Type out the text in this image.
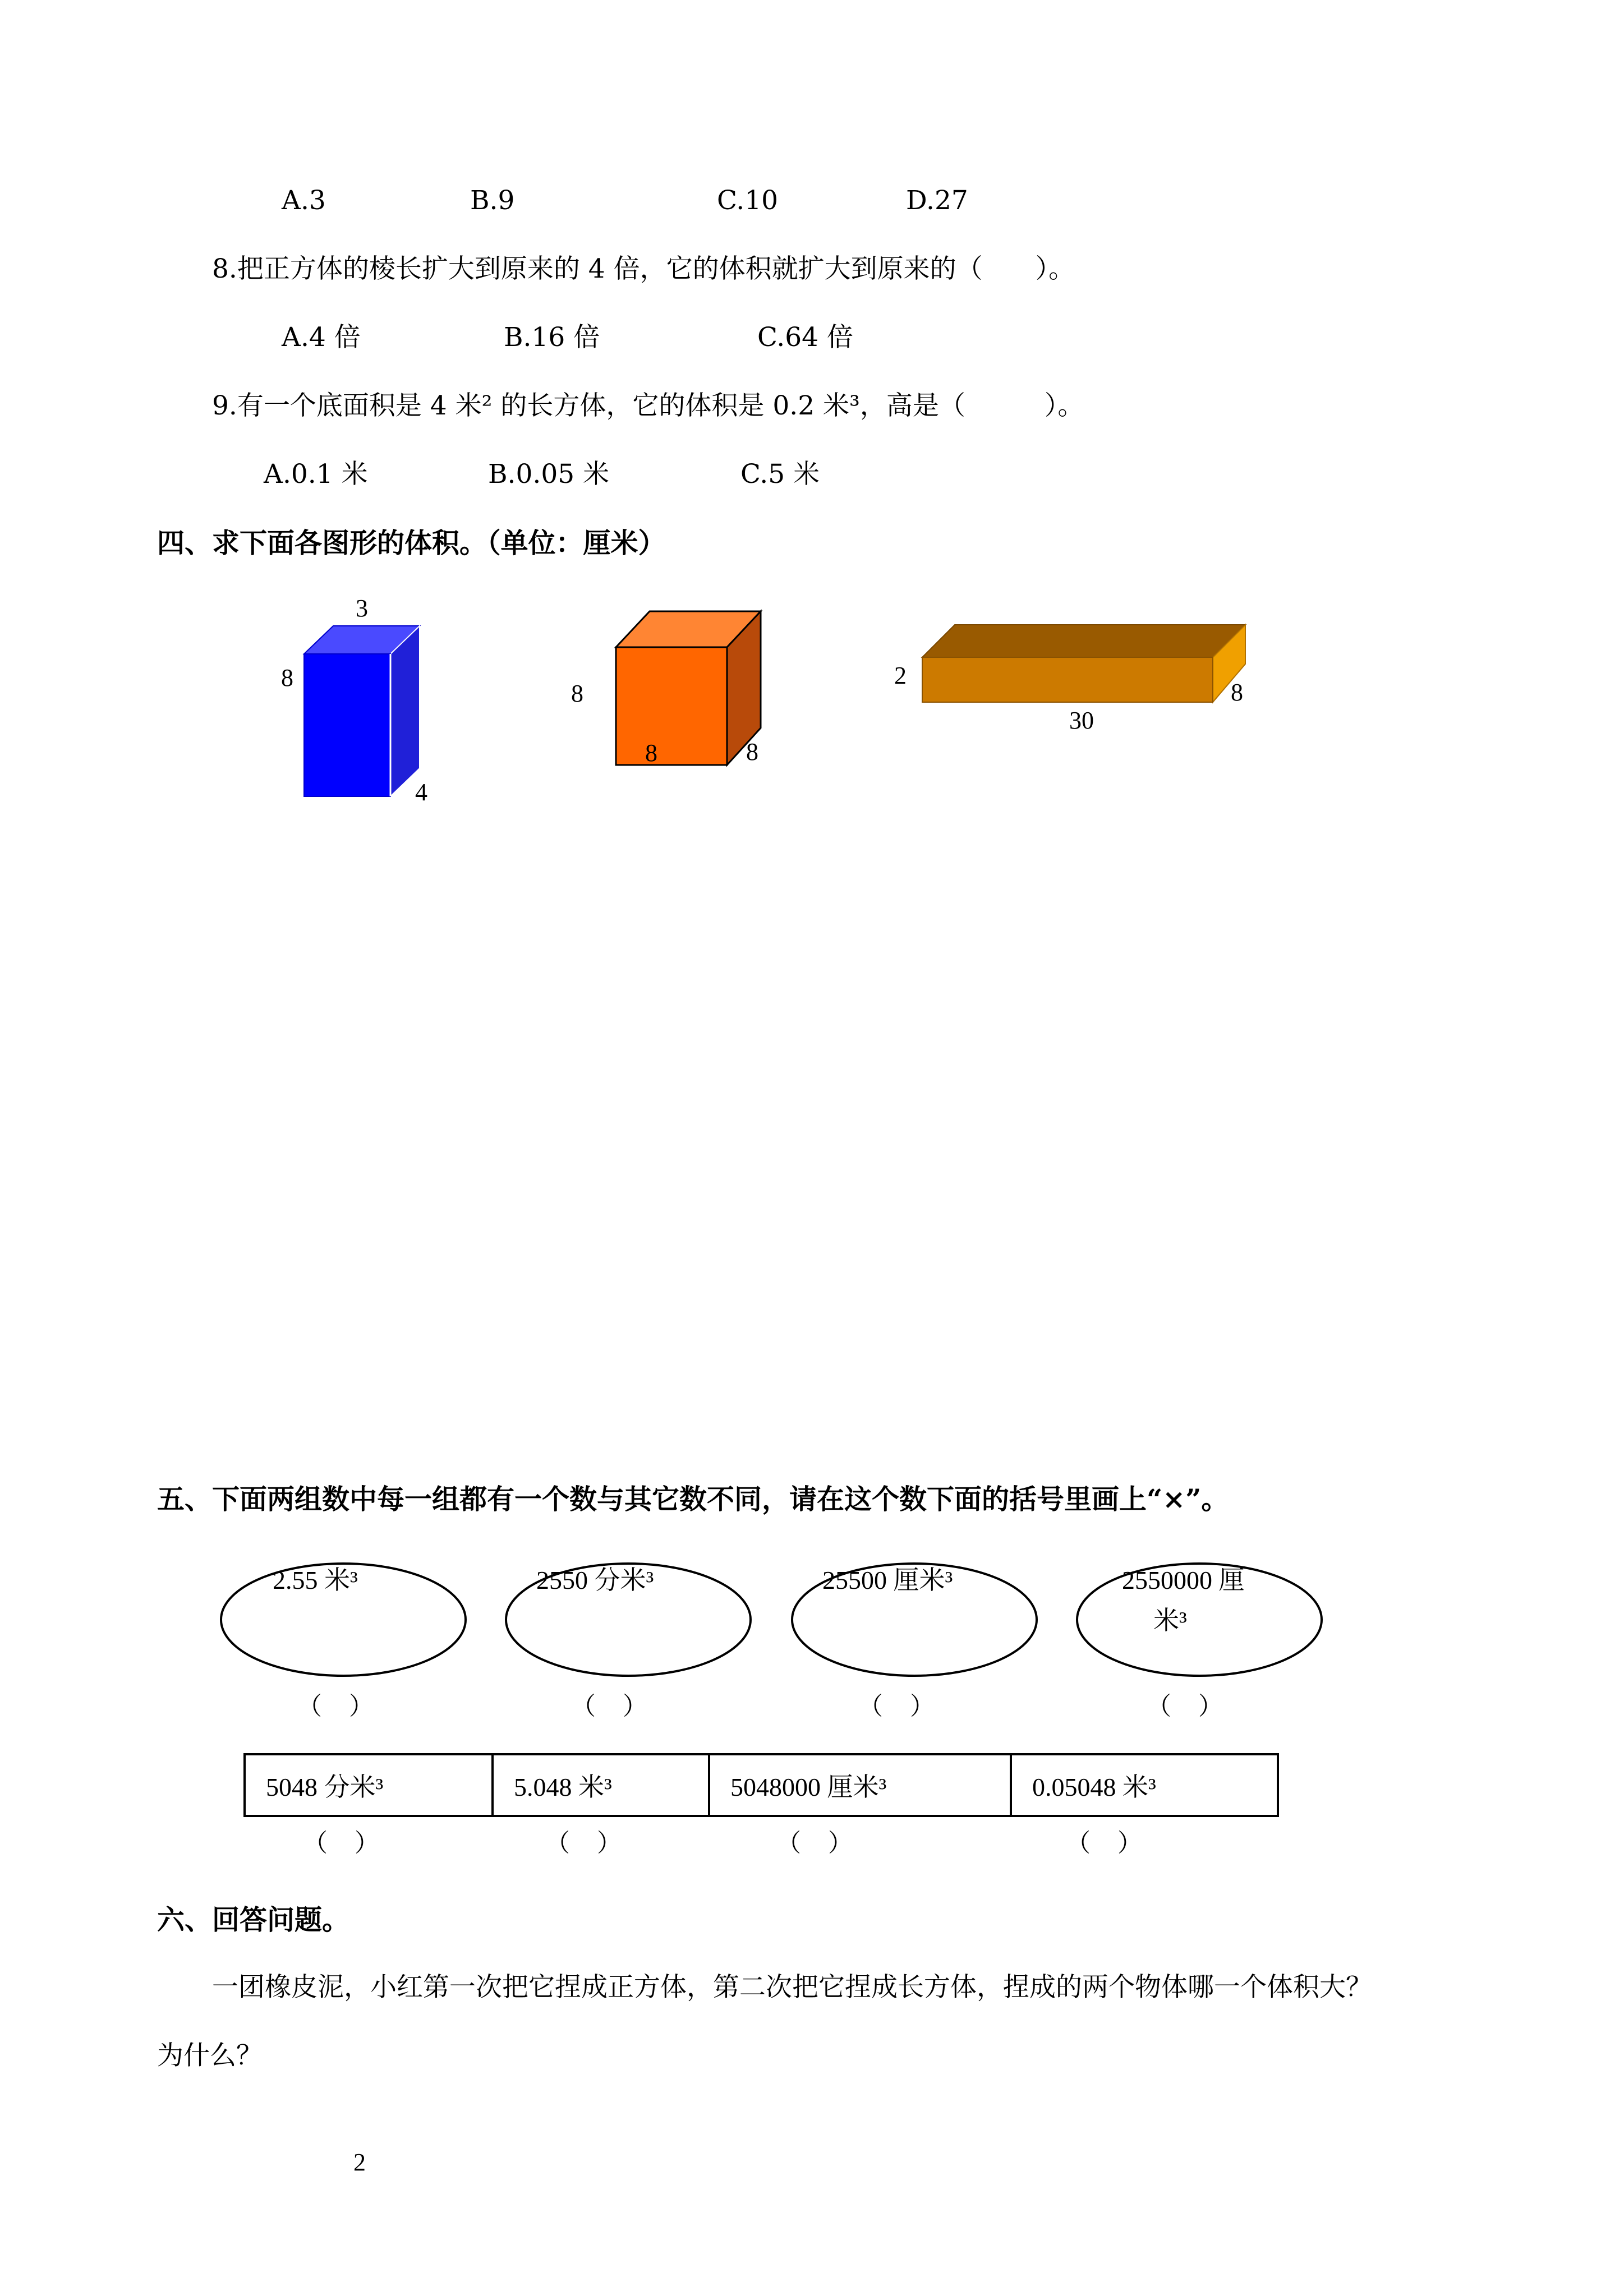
A.3	B.9	C.10	D.27
8.把正方体的棱长扩大到原来的 4 倍，它的体积就扩大到原来的（　　）。
A.4 倍	B.16 倍	C.64 倍
9.有一个底面积是 4 米² 的长方体，它的体积是 0.2 米³，高是（　　　）。
A.0.1 米	B.0.05 米	C.5 米
四、求下面各图形的体积。（单位：厘米）
3
8
4
8
8	8
2
30
8
五、下面两组数中每一组都有一个数与其它数不同，请在这个数下面的括号里画上“×”。
2.55 米³	2550 分米³	25500 厘米³	2550000 厘
米³
（　）	（　）	（　）	（　）
5048 分米³	5.048 米³	5048000 厘米³	0.05048 米³
（　）	（　）	（　）	（　）
六、回答问题。
一团橡皮泥，小红第一次把它捏成正方体，第二次把它捏成长方体，捏成的两个物体哪一个体积大？
为什么？
2
